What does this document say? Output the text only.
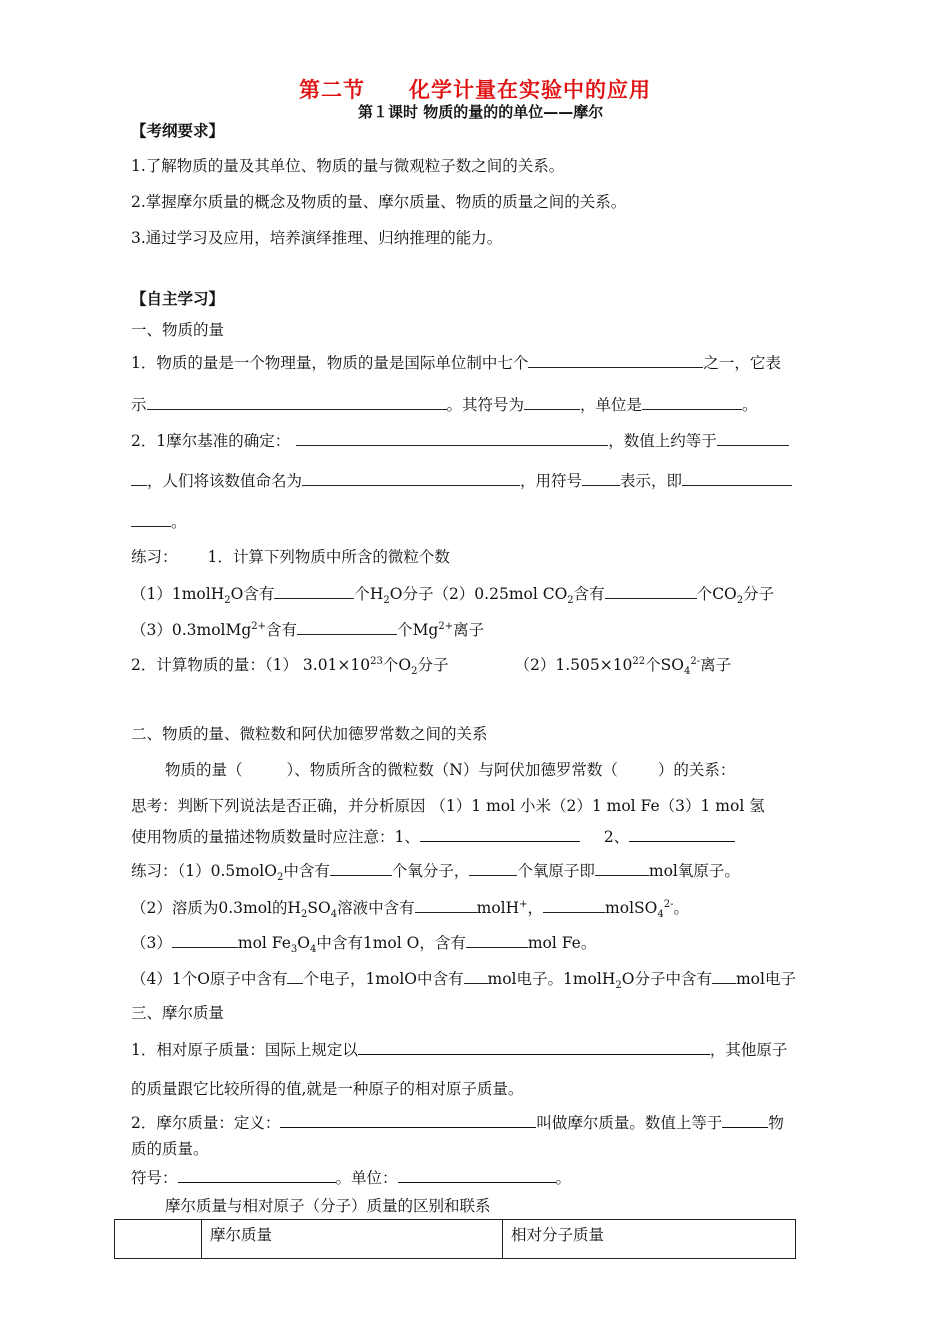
第二节　　化学计量在实验中的应用
第１课时 物质的量的的单位——摩尔
【考纲要求】
1.了解物质的量及其单位、物质的量与微观粒子数之间的关系。
2.掌握摩尔质量的概念及物质的量、摩尔质量、物质的质量之间的关系。
3.通过学习及应用，培养演绎推理、归纳推理的能力。
【自主学习】
一、物质的量
1．物质的量是一个物理量，物质的量是国际单位制中七个	之一，它表
示	。其符号为	，单位是	。
2．1摩尔基准的确定：	，数值上约等于
，人们将该数值命名为	，用符号 表示，即
。
练习： 1．计算下列物质中所含的微粒个数
（1）1molH$_2$O含有	个$H_2O$分子（2）0.25mol $CO_2$含有	个$CO_2$分子
（3）0.3molMg$^{2+}$含有	个$Mg^{2+}$离子
2．计算物质的量：（1） $3.01\times 10^{23}$个$O_2$分子	$(2)1.505\times 10^{22}$个$SO_4^{2-}$离子
二、物质的量、微粒数和阿伏加德罗常数之间的关系
物质的量（	）、物质所含的微粒数（N）与阿伏加德罗常数（	）的关系：
思考：判断下列说法是否正确，并分析原因 （1）1 mol 小米（2）1 mol Fe（3）1 mol 氢
使用物质的量描述物质数量时应注意：1、	2、
练习：（1）0.5molO$_2$中含有	个氧分子，	个氧原子即	mol氧原子。
（2）溶质为0.3mol的$H_2SO_4$溶液中含有	molH+，	molSO$_4^{2-}$。
（3）	mol $Fe_3O_4$中含有1mol O，含有	mol Fe。
（4）1个O原子中含有 个电子，1molO中含有 mol电子。1molH$_2$O分子中含有 mol电子
三、摩尔质量
1．相对原子质量：国际上规定以	，其他原子
的质量跟它比较所得的值,就是一种原子的相对原子质量。
2．摩尔质量：定义：	叫做摩尔质量。数值上等于	物
质的质量。
符号：	。单位：	。
摩尔质量与相对原子（分子）质量的区别和联系
	摩尔质量	相对分子质量
